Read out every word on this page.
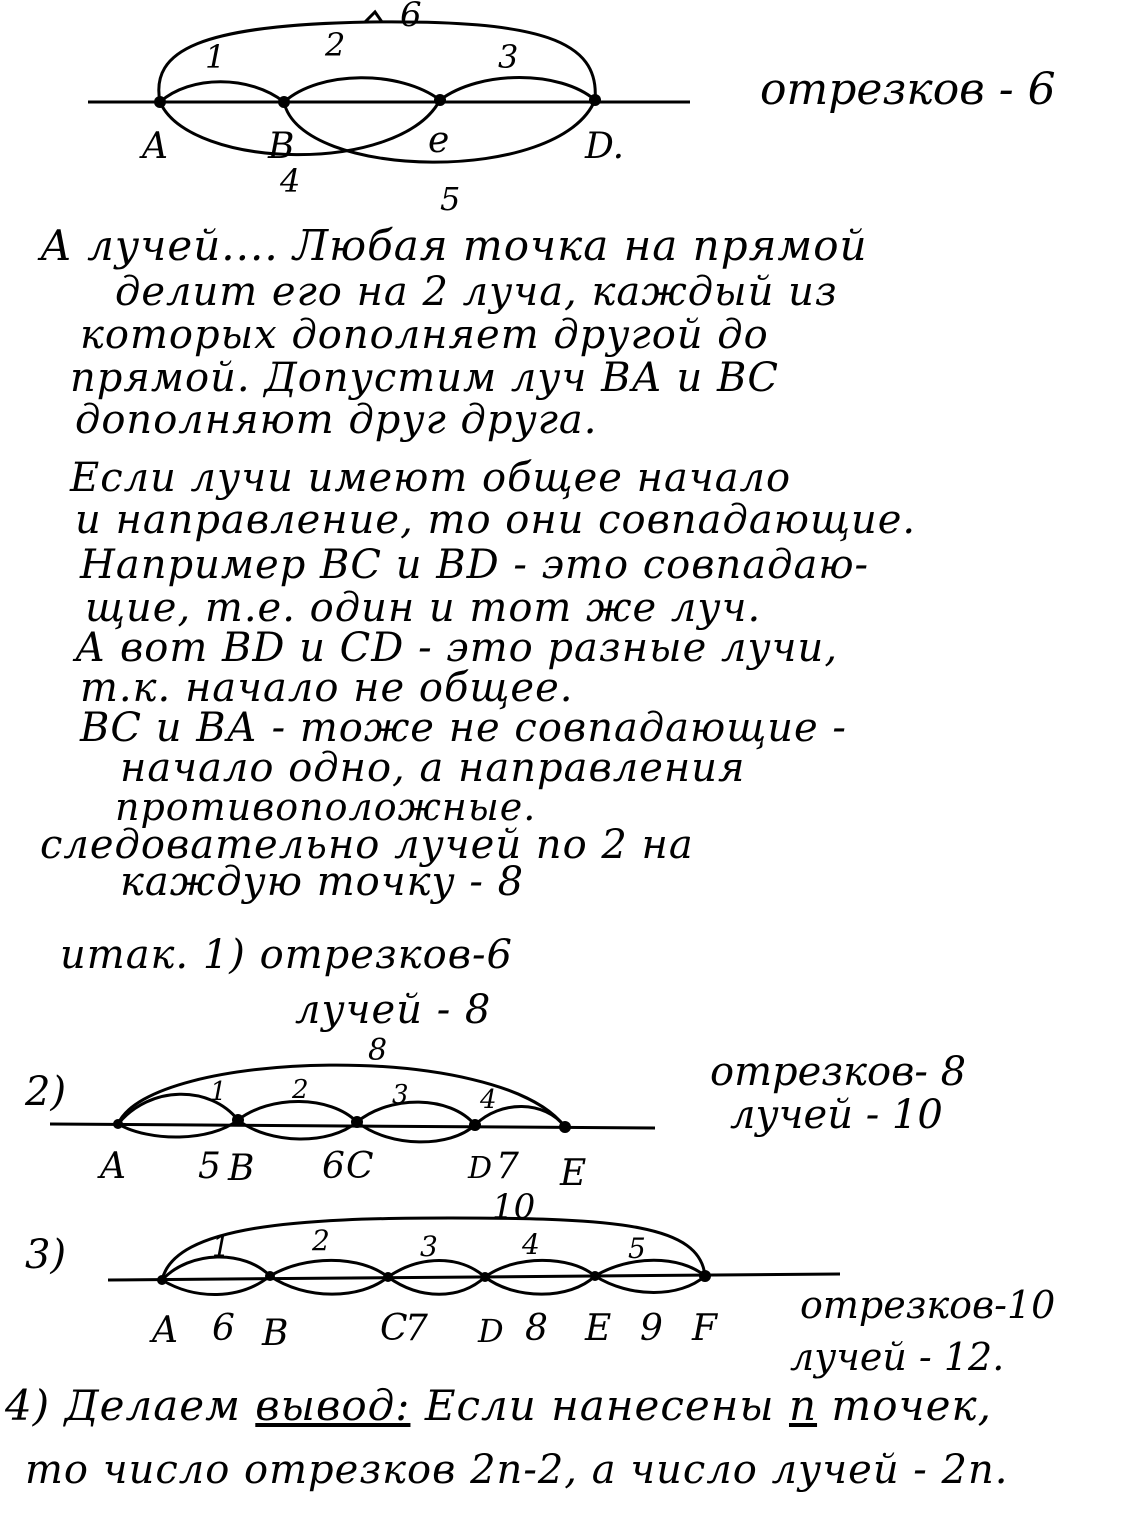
6
1	2	3
4	5
A	B	e	D.
отрезков - 6
А лучей.... Любая точка на прямой
делит его на 2 луча, каждый из
которых дополняет другой до
прямой. Допустим луч ВА и ВС
дополняют друг друга.
Если лучи имеют общее начало
и направление, то они совпадающие.
Например ВС и ВD - это совпадаю-
щие, т.е. один и тот же луч.
А вот ВD и СD - это разные лучи,
т.к. начало не общее.
ВС и ВА - тоже не совпадающие -
начало одно, а направления
противоположные.
следовательно лучей по 2 на
каждую точку - 8
итак. 1) отрезков-6
лучей - 8
2)
8
1	2	3	4
A 5 B 6 C	D 7 E
отрезков- 8
лучей - 10
3)
10
1	2	3	4	5
A 6 B	C
7 D 8 E 9 F
отрезков-10
лучей - 12.
4) Делаем вывод: Если нанесены n точек,
то число отрезков 2n-2, а число лучей - 2n.
